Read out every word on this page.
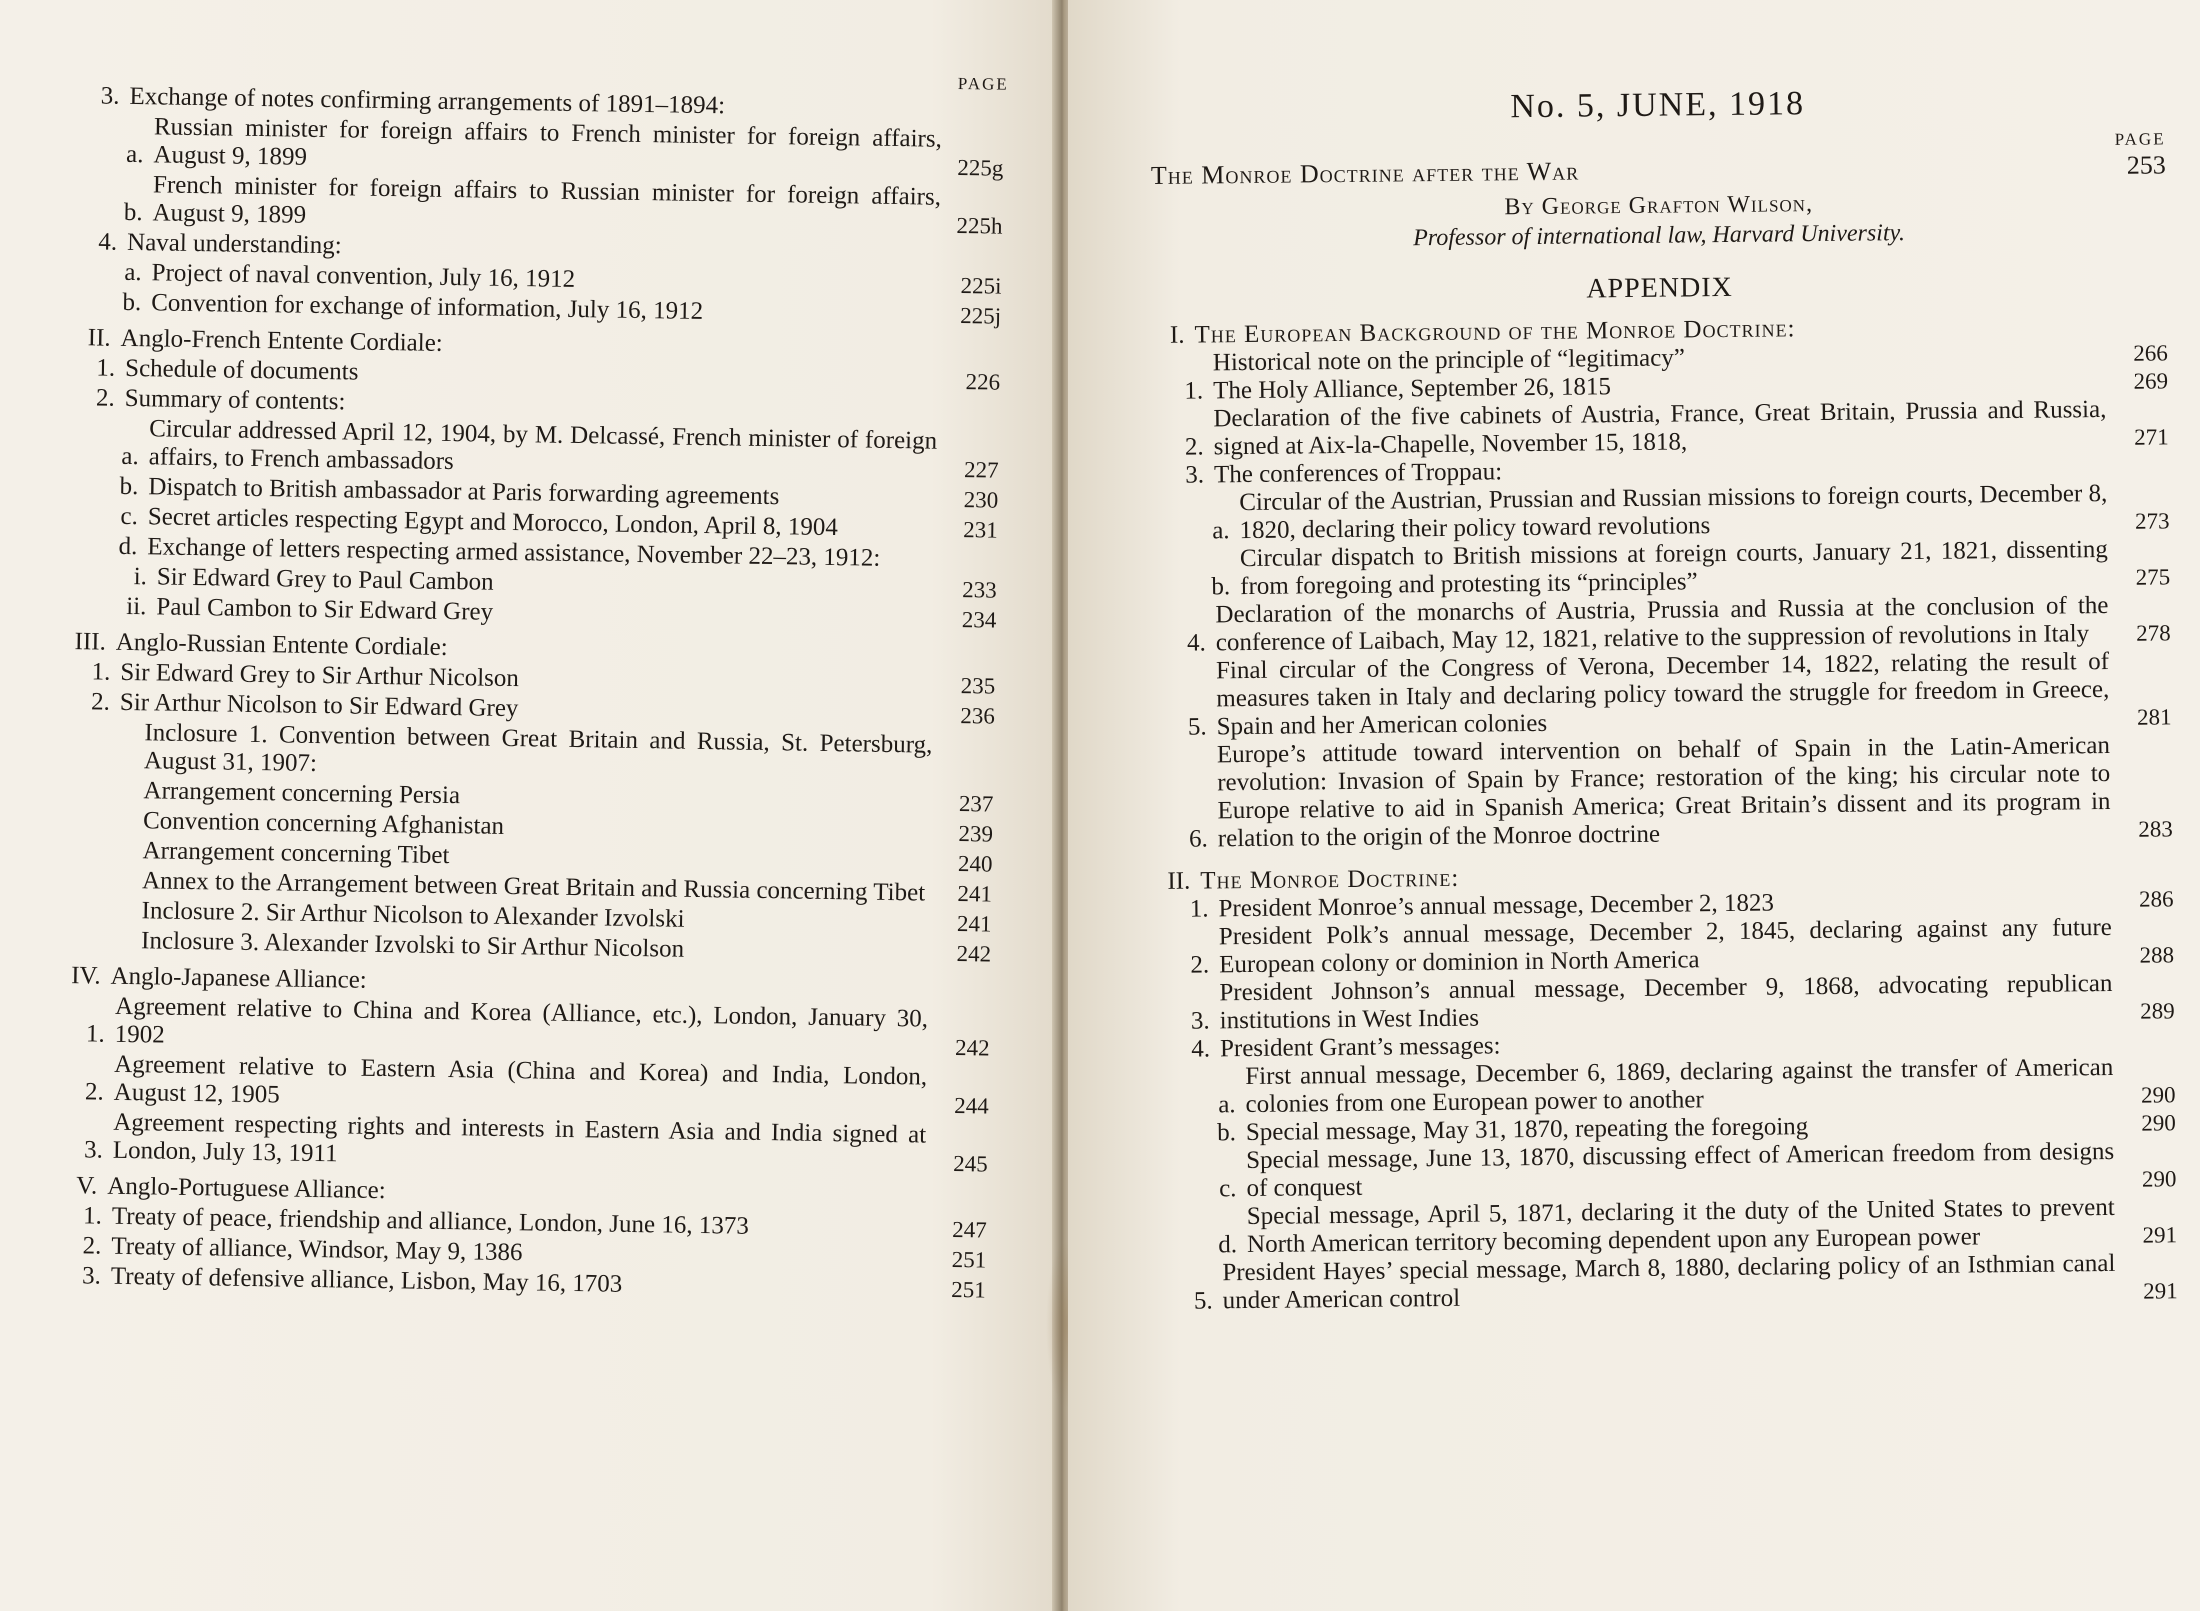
PAGE
3. Exchange of notes confirming arrangements of 1891–1894:
a.
Russian minister for foreign affairs to French minister for foreign affairs, August 9, 1899	225g
b.
French minister for foreign affairs to Russian minister for foreign affairs, August 9, 1899	225h
4. Naval understanding:
a. Project of naval convention, July 16, 1912	225i
b. Convention for exchange of information, July 16, 1912	225j
II. Anglo-French Entente Cordiale:
1. Schedule of documents	226
2. Summary of contents:
a.
Circular addressed April 12, 1904, by M. Delcassé, French minister of foreign affairs, to French ambassadors	227
b. Dispatch to British ambassador at Paris forwarding agreements	230
c. Secret articles respecting Egypt and Morocco, London, April 8, 1904	231
d. Exchange of letters respecting armed assistance, November 22–23, 1912:
i. Sir Edward Grey to Paul Cambon	233
ii. Paul Cambon to Sir Edward Grey	234
III. Anglo-Russian Entente Cordiale:
1. Sir Edward Grey to Sir Arthur Nicolson	235
2. Sir Arthur Nicolson to Sir Edward Grey	236
Inclosure 1. Convention between Great Britain and Russia, St. Petersburg, August 31, 1907:
Arrangement concerning Persia	237
Convention concerning Afghanistan	239
Arrangement concerning Tibet	240
Annex to the Arrangement between Great Britain and Russia concerning Tibet	241
Inclosure 2. Sir Arthur Nicolson to Alexander Izvolski	241
Inclosure 3. Alexander Izvolski to Sir Arthur Nicolson	242
IV. Anglo-Japanese Alliance:
1.
Agreement relative to China and Korea (Alliance, etc.), London, January 30, 1902	242
2.
Agreement relative to Eastern Asia (China and Korea) and India, London, August 12, 1905	244
3.
Agreement respecting rights and interests in Eastern Asia and India signed at London, July 13, 1911	245
V. Anglo-Portuguese Alliance:
1. Treaty of peace, friendship and alliance, London, June 16, 1373	247
2. Treaty of alliance, Windsor, May 9, 1386	251
3. Treaty of defensive alliance, Lisbon, May 16, 1703	251
No. 5, JUNE, 1918
PAGE
The Monroe Doctrine after the War	253
By George Grafton Wilson,
Professor of international law, Harvard University.
APPENDIX
I. The European Background of the Monroe Doctrine:
Historical note on the principle of “legitimacy”	266
1. The Holy Alliance, September 26, 1815	269
2.
Declaration of the five cabinets of Austria, France, Great Britain, Prussia and Russia, signed at Aix-la-Chapelle, November 15, 1818,	271
3. The conferences of Troppau:
a.
Circular of the Austrian, Prussian and Russian missions to foreign courts, December 8, 1820, declaring their policy toward revolutions	273
b.
Circular dispatch to British missions at foreign courts, January 21, 1821, dissenting from foregoing and protesting its “principles”	275
4.
Declaration of the monarchs of Austria, Prussia and Russia at the conclusion of the conference of Laibach, May 12, 1821, relative to the suppression of revolutions in Italy	278
5.
Final circular of the Congress of Verona, December 14, 1822, relating the result of measures taken in Italy and declaring policy toward the struggle for freedom in Greece, Spain and her American colonies	281
6.
Europe’s attitude toward intervention on behalf of Spain in the Latin-American revolution: Invasion of Spain by France; restoration of the king; his circular note to Europe relative to aid in Spanish America; Great Britain’s dissent and its program in relation to the origin of the Monroe doctrine	283
II. The Monroe Doctrine:
1. President Monroe’s annual message, December 2, 1823	286
2.
President Polk’s annual message, December 2, 1845, declaring against any future European colony or dominion in North America	288
3.
President Johnson’s annual message, December 9, 1868, advocating republican institutions in West Indies	289
4. President Grant’s messages:
a.
First annual message, December 6, 1869, declaring against the transfer of American colonies from one European power to another	290
b. Special message, May 31, 1870, repeating the foregoing	290
c.
Special message, June 13, 1870, discussing effect of American freedom from designs of conquest	290
d.
Special message, April 5, 1871, declaring it the duty of the United States to prevent North American territory becoming dependent upon any European power	291
5.
President Hayes’ special message, March 8, 1880, declaring policy of an Isthmian canal under American control	291
